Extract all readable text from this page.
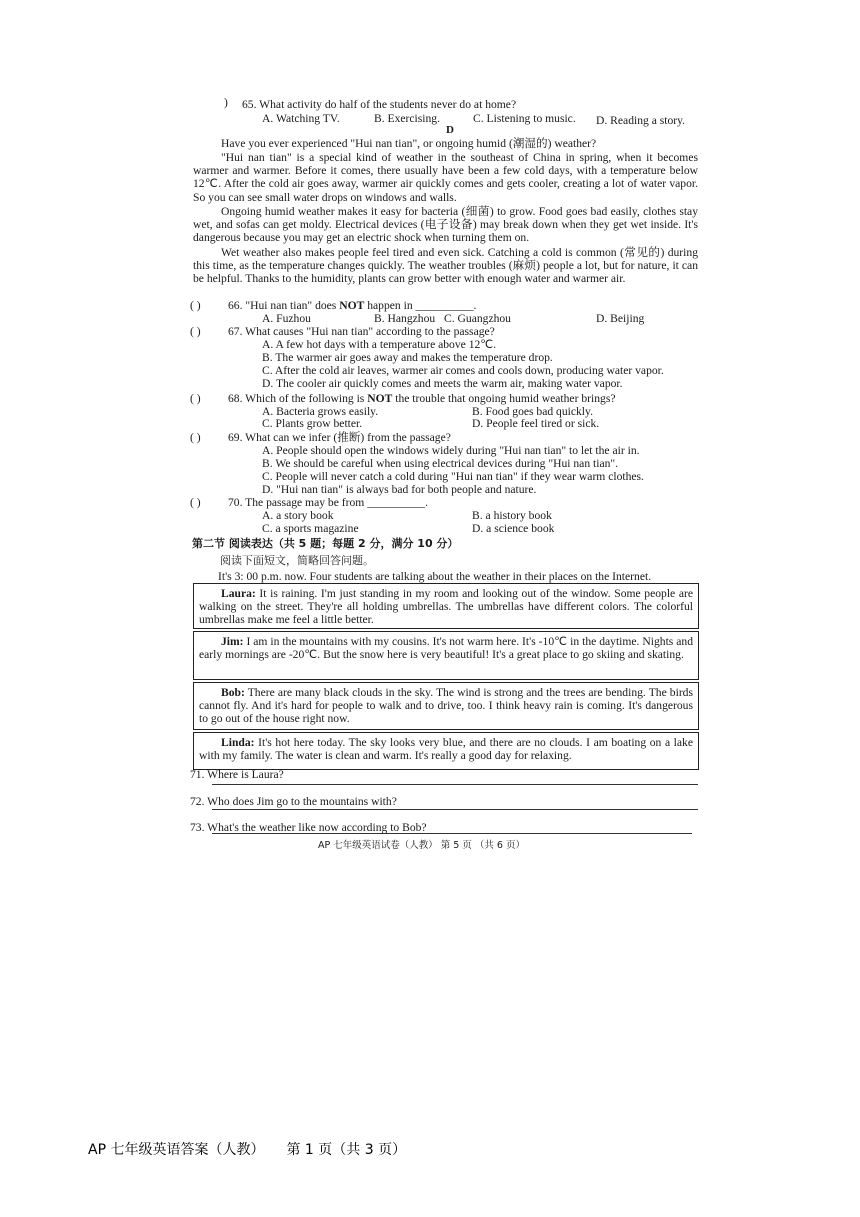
) 65. What activity do half of the students never do at home?
A. Watching TV.	B. Exercising.	C. Listening to music. D. Reading a story.
D
Have you ever experienced "Hui nan tian", or ongoing humid (潮湿的) weather?
"Hui nan tian" is a special kind of weather in the southeast of China in spring, when it becomes warmer and warmer. Before it comes, there usually have been a few cold days, with a temperature below 12℃. After the cold air goes away, warmer air quickly comes and gets cooler, creating a lot of water vapor. So you can see small water drops on windows and walls.
Ongoing humid weather makes it easy for bacteria (细菌) to grow. Food goes bad easily, clothes stay wet, and sofas can get moldy. Electrical devices (电子设备) may break down when they get wet inside. It's dangerous because you may get an electric shock when turning them on.
Wet weather also makes people feel tired and even sick. Catching a cold is common (常见的) during this time, as the temperature changes quickly. The weather troubles (麻烦) people a lot, but for nature, it can be helpful. Thanks to the humidity, plants can grow better with enough water and warmer air.
( ) 66. "Hui nan tian" does NOT happen in __________.
A. Fuzhou	B. Hangzhou C. Guangzhou	D. Beijing
( ) 67. What causes "Hui nan tian" according to the passage?
A. A few hot days with a temperature above 12℃.
B. The warmer air goes away and makes the temperature drop.
C. After the cold air leaves, warmer air comes and cools down, producing water vapor.
D. The cooler air quickly comes and meets the warm air, making water vapor.
( ) 68. Which of the following is NOT the trouble that ongoing humid weather brings?
A. Bacteria grows easily.	B. Food goes bad quickly.
C. Plants grow better.	D. People feel tired or sick.
( ) 69. What can we infer (推断) from the passage?
A. People should open the windows widely during "Hui nan tian" to let the air in.
B. We should be careful when using electrical devices during "Hui nan tian".
C. People will never catch a cold during "Hui nan tian" if they wear warm clothes.
D. "Hui nan tian" is always bad for both people and nature.
( ) 70. The passage may be from __________.
A. a story book	B. a history book
C. a sports magazine	D. a science book
第二节 阅读表达（共 5 题；每题 2 分，满分 10 分）
阅读下面短文，简略回答问题。
It's 3: 00 p.m. now. Four students are talking about the weather in their places on the Internet.
Laura: It is raining. I'm just standing in my room and looking out of the window. Some people are walking on the street. They're all holding umbrellas. The umbrellas have different colors. The colorful umbrellas make me feel a little better.
Jim: I am in the mountains with my cousins. It's not warm here. It's -10℃ in the daytime. Nights and early mornings are -20℃. But the snow here is very beautiful! It's a great place to go skiing and skating.
Bob: There are many black clouds in the sky. The wind is strong and the trees are bending. The birds cannot fly. And it's hard for people to walk and to drive, too. I think heavy rain is coming. It's dangerous to go out of the house right now.
Linda: It's hot here today. The sky looks very blue, and there are no clouds. I am boating on a lake with my family. The water is clean and warm. It's really a good day for relaxing.
71. Where is Laura?
72. Who does Jim go to the mountains with?
73. What's the weather like now according to Bob?
AP 七年级英语试卷（人教） 第 5 页 （共 6 页）
AP 七年级英语答案（人教） 第 1 页（共 3 页）
